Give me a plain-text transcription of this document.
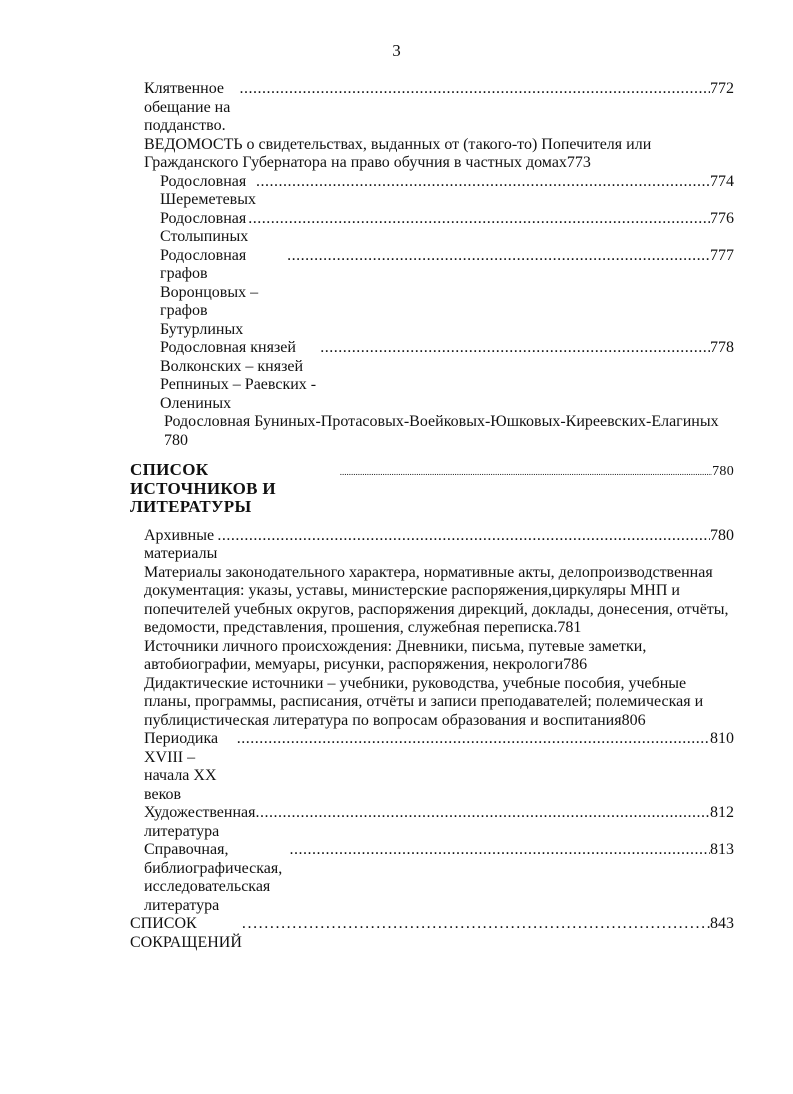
3
Клятвенное обещание на подданство.
.....
772
ВЕДОМОСТЬ о свидетельствах, выданных от (такого-то) Попечителя или
Гражданского Губернатора на право обучния в частных домах 773
Родословная Шереметевых
.....
774
Родословная Столыпиных
.....
776
Родословная графов Воронцовых – графов Бутурлиных
.....
777
Родословная князей Волконских – князей Репниных – Раевских - Олениных
.....
778
Родословная Буниных-Протасовых-Воейковых-Юшковых-Киреевских-Елагиных
780
СПИСОК ИСТОЧНИКОВ И ЛИТЕРАТУРЫ
.....
780
Архивные материалы
.....
780
Материалы законодательного характера, нормативные акты, делопроизводственная
документация: указы, уставы, министерские распоряжения,циркуляры МНП и
попечителей учебных округов, распоряжения дирекций, доклады, донесения, отчёты,
ведомости, представления, прошения, служебная переписка. 781
Источники личного происхождения: Дневники, письма, путевые заметки,
автобиографии, мемуары, рисунки, распоряжения, некрологи 786
Дидактические источники – учебники, руководства, учебные пособия, учебные
планы, программы, расписания, отчёты и записи преподавателей; полемическая и
публицистическая литература по вопросам образования и воспитания 806
Периодика XVIII – начала XX веков
.....
810
Художественная литература
.....
812
Справочная, библиографическая, исследовательская литература
.....
813
СПИСОК СОКРАЩЕНИЙ
.....
843
